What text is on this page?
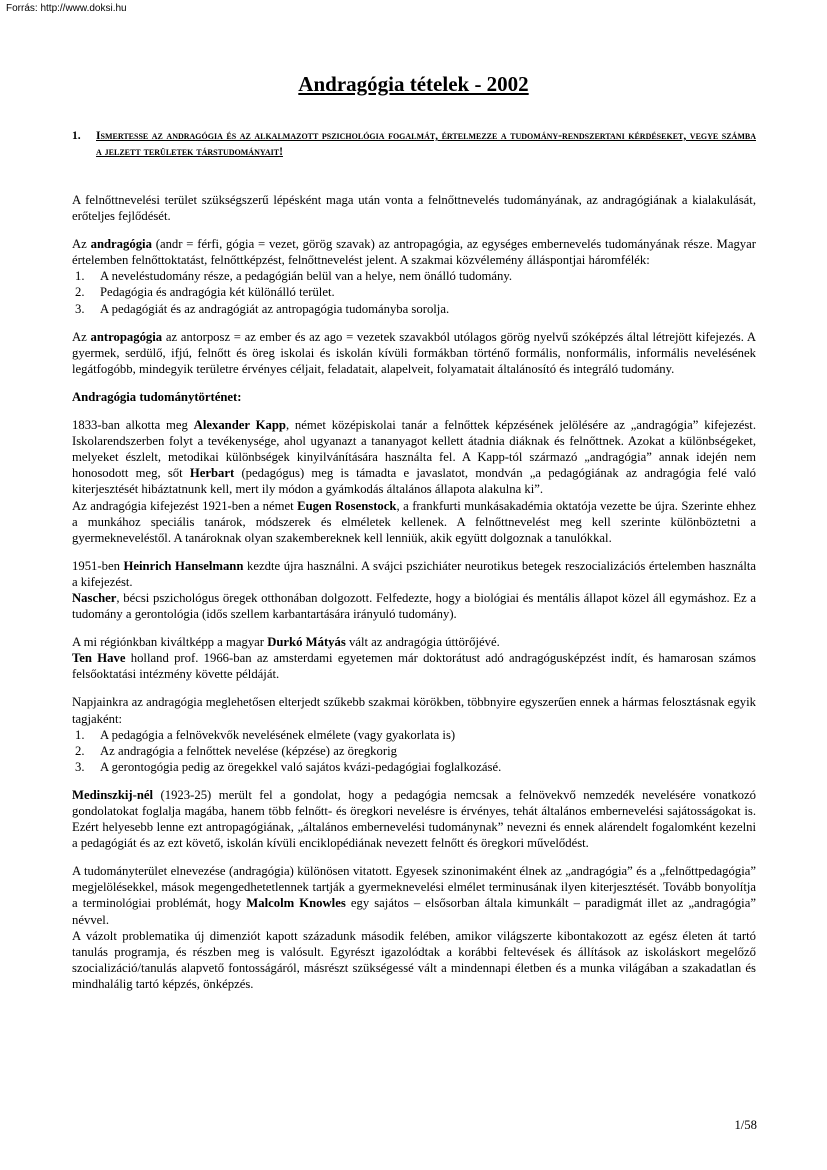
Forrás: http://www.doksi.hu
Andragógia tételek - 2002
1. Ismertesse az andragógia és az alkalmazott pszichológia fogalmát, értelmezze a tudomány-rendszertani kérdéseket, vegye számba a jelzett területek társtudományait!

A felnőttnevelési terület szükségszerű lépésként maga után vonta a felnőttnevelés tudományának, az andragógiának a kialakulását, erőteljes fejlődését.

Az andragógia (andr = férfi, gógia = vezet, görög szavak) az antropagógia, az egységes embernevelés tudományának része. Magyar értelemben felnőttoktatást, felnőttképzést, felnőttnevelést jelent. A szakmai közvélemény álláspontjai háromfélék:

1. A neveléstudomány része, a pedagógián belül van a helye, nem önálló tudomány.
2. Pedagógia és andragógia két különálló terület.
3. A pedagógiát és az andragógiát az antropagógia tudományba sorolja.

Az antropagógia az antorposz = az ember és az ago = vezetek szavakból utólagos görög nyelvű szóképzés által létrejött kifejezés. A gyermek, serdülő, ifjú, felnőtt és öreg iskolai és iskolán kívüli formákban történő formális, nonformális, informális nevelésének legátfogóbb, mindegyik területre érvényes céljait, feladatait, alapelveit, folyamatait általánosító és integráló tudomány.

Andragógia tudománytörténet:

1833-ban alkotta meg Alexander Kapp, német középiskolai tanár a felnőttek képzésének jelölésére az „andragógia” kifejezést. Iskolarendszerben folyt a tevékenysége, ahol ugyanazt a tananyagot kellett átadnia diáknak és felnőttnek. Azokat a különbségeket, melyeket észlelt, metodikai különbségek kinyilvánítására használta fel. A Kapp-tól származó „andragógia” annak idején nem honosodott meg, sőt Herbart (pedagógus) meg is támadta e javaslatot, mondván „a pedagógiának az andragógia felé való kiterjesztését hibáztatnunk kell, mert ily módon a gyámkodás általános állapota alakulna ki”.

Az andragógia kifejezést 1921-ben a német Eugen Rosenstock, a frankfurti munkásakadémia oktatója vezette be újra. Szerinte ehhez a munkához speciális tanárok, módszerek és elméletek kellenek. A felnőttnevelést meg kell szerinte különböztetni a gyermekneveléstől. A tanároknak olyan szakembereknek kell lenniük, akik együtt dolgoznak a tanulókkal.

1951-ben Heinrich Hanselmann kezdte újra használni. A svájci pszichiáter neurotikus betegek reszocializációs értelemben használta a kifejezést.

Nascher, bécsi pszichológus öregek otthonában dolgozott. Felfedezte, hogy a biológiai és mentális állapot közel áll egymáshoz. Ez a tudomány a gerontológia (idős szellem karbantartására irányuló tudomány).

A mi régiónkban kiváltképp a magyar Durkó Mátyás vált az andragógia úttörőjévé.

Ten Have holland prof. 1966-ban az amsterdami egyetemen már doktorátust adó andragógusképzést indít, és hamarosan számos felsőoktatási intézmény követte példáját.

Napjainkra az andragógia meglehetősen elterjedt szűkebb szakmai körökben, többnyire egyszerűen ennek a hármas felosztásnak egyik tagjaként:

1. A pedagógia a felnövekvők nevelésének elmélete (vagy gyakorlata is)
2. Az andragógia a felnőttek nevelése (képzése) az öregkorig
3. A gerontogógia pedig az öregekkel való sajátos kvázi-pedagógiai foglalkozásé.

Medinszkij-nél (1923-25) merült fel a gondolat, hogy a pedagógia nemcsak a felnövekvő nemzedék nevelésére vonatkozó gondolatokat foglalja magába, hanem több felnőtt- és öregkori nevelésre is érvényes, tehát általános embernevelési sajátosságokat is. Ezért helyesebb lenne ezt antropagógiának, „általános embernevelési tudománynak” nevezni és ennek alárendelt fogalomként kezelni a pedagógiát és az ezt követő, iskolán kívüli enciklopédiának nevezett felnőtt és öregkori művelődést.

A tudományterület elnevezése (andragógia) különösen vitatott. Egyesek szinonimaként élnek az „andragógia” és a „felnőttpedagógia” megjelölésekkel, mások megengedhetetlennek tartják a gyermeknevelési elmélet terminusának ilyen kiterjesztését. Tovább bonyolítja a terminológiai problémát, hogy Malcolm Knowles egy sajátos – elsősorban általa kimunkált – paradigmát illet az „andragógia” névvel.

A vázolt problematika új dimenziót kapott századunk második felében, amikor világszerte kibontakozott az egész életen át tartó tanulás programja, és részben meg is valósult. Egyrészt igazolódtak a korábbi feltevések és állítások az iskoláskort megelőző szocializáció/tanulás alapvető fontosságáról, másrészt szükségessé vált a mindennapi életben és a munka világában a szakadatlan és mindhalálig tartó képzés, önképzés.

1/58
